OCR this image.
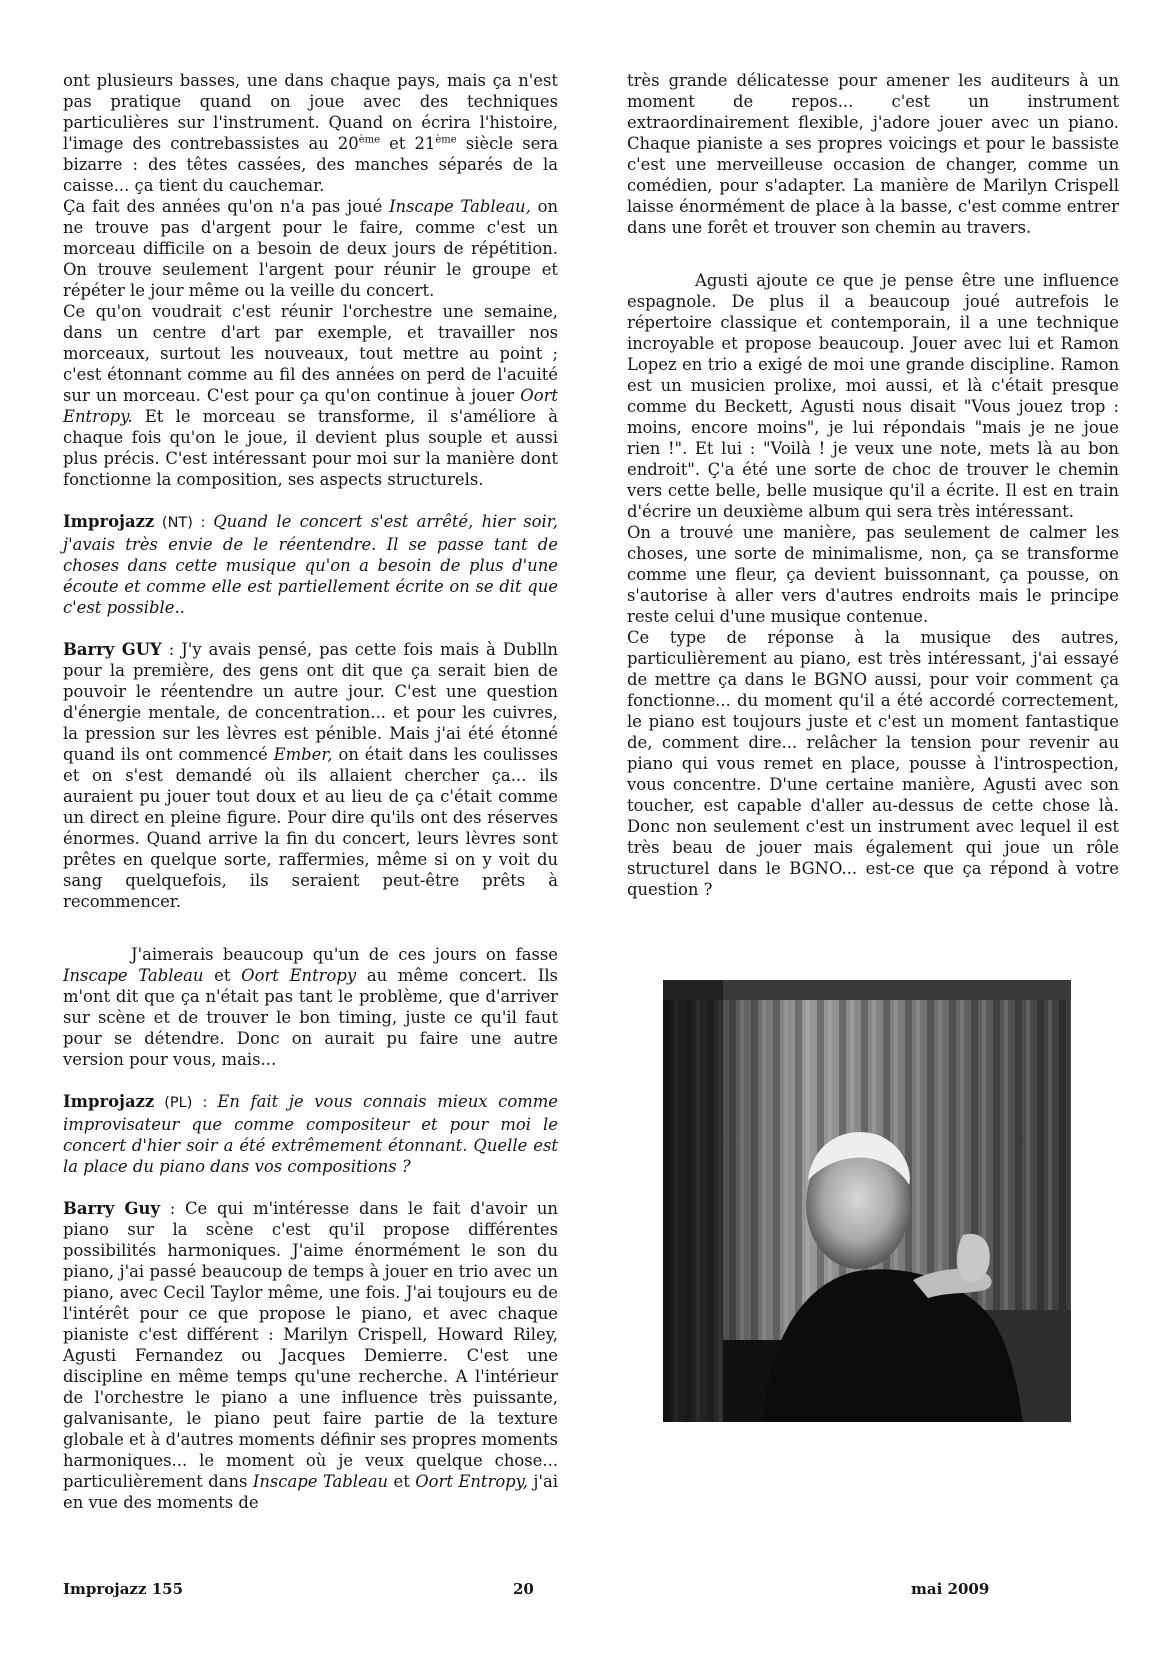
ont plusieurs basses, une dans chaque pays, mais ça n'est pas pratique quand on joue avec des techniques particulières sur l'instrument. Quand on écrira l'histoire, l'image des contrebassistes au 20ème et 21ème siècle sera bizarre : des têtes cassées, des manches séparés de la caisse... ça tient du cauchemar.

Ça fait des années qu'on n'a pas joué Inscape Tableau, on ne trouve pas d'argent pour le faire, comme c'est un morceau difficile on a besoin de deux jours de répétition. On trouve seulement l'argent pour réunir le groupe et répéter le jour même ou la veille du concert.

Ce qu'on voudrait c'est réunir l'orchestre une semaine, dans un centre d'art par exemple, et travailler nos morceaux, surtout les nouveaux, tout mettre au point ; c'est étonnant comme au fil des années on perd de l'acuité sur un morceau. C'est pour ça qu'on continue à jouer Oort Entropy. Et le morceau se transforme, il s'améliore à chaque fois qu'on le joue, il devient plus souple et aussi plus précis. C'est intéressant pour moi sur la manière dont fonctionne la composition, ses aspects structurels.

Improjazz (NT) : Quand le concert s'est arrêté, hier soir, j'avais très envie de le réentendre. Il se passe tant de choses dans cette musique qu'on a besoin de plus d'une écoute et comme elle est partiellement écrite on se dit que c'est possible..

Barry GUY : J'y avais pensé, pas cette fois mais à Dublln pour la première, des gens ont dit que ça serait bien de pouvoir le réentendre un autre jour. C'est une question d'énergie mentale, de concentration... et pour les cuivres, la pression sur les lèvres est pénible. Mais j'ai été étonné quand ils ont commencé Ember, on était dans les coulisses et on s'est demandé où ils allaient chercher ça... ils auraient pu jouer tout doux et au lieu de ça c'était comme un direct en pleine figure. Pour dire qu'ils ont des réserves énormes. Quand arrive la fin du concert, leurs lèvres sont prêtes en quelque sorte, raffermies, même si on y voit du sang quelquefois, ils seraient peut-être prêts à recommencer.

J'aimerais beaucoup qu'un de ces jours on fasse Inscape Tableau et Oort Entropy au même concert. Ils m'ont dit que ça n'était pas tant le problème, que d'arriver sur scène et de trouver le bon timing, juste ce qu'il faut pour se détendre. Donc on aurait pu faire une autre version pour vous, mais...

Improjazz (PL) : En fait je vous connais mieux comme improvisateur que comme compositeur et pour moi le concert d'hier soir a été extrêmement étonnant. Quelle est la place du piano dans vos compositions ?

Barry Guy : Ce qui m'intéresse dans le fait d'avoir un piano sur la scène c'est qu'il propose différentes possibilités harmoniques. J'aime énormément le son du piano, j'ai passé beaucoup de temps à jouer en trio avec un piano, avec Cecil Taylor même, une fois. J'ai toujours eu de l'intérêt pour ce que propose le piano, et avec chaque pianiste c'est différent : Marilyn Crispell, Howard Riley, Agusti Fernandez ou Jacques Demierre. C'est une discipline en même temps qu'une recherche. A l'intérieur de l'orchestre le piano a une influence très puissante, galvanisante, le piano peut faire partie de la texture globale et à d'autres moments définir ses propres moments harmoniques... le moment où je veux quelque chose... particulièrement dans Inscape Tableau et Oort Entropy, j'ai en vue des moments de

très grande délicatesse pour amener les auditeurs à un moment de repos... c'est un instrument extraordinairement flexible, j'adore jouer avec un piano. Chaque pianiste a ses propres voicings et pour le bassiste c'est une merveilleuse occasion de changer, comme un comédien, pour s'adapter. La manière de Marilyn Crispell laisse énormément de place à la basse, c'est comme entrer dans une forêt et trouver son chemin au travers.

Agusti ajoute ce que je pense être une influence espagnole. De plus il a beaucoup joué autrefois le répertoire classique et contemporain, il a une technique incroyable et propose beaucoup. Jouer avec lui et Ramon Lopez en trio a exigé de moi une grande discipline. Ramon est un musicien prolixe, moi aussi, et là c'était presque comme du Beckett, Agusti nous disait "Vous jouez trop : moins, encore moins", je lui répondais "mais je ne joue rien !". Et lui : "Voilà ! je veux une note, mets là au bon endroit". Ç'a été une sorte de choc de trouver le chemin vers cette belle, belle musique qu'il a écrite. Il est en train d'écrire un deuxième album qui sera très intéressant.

On a trouvé une manière, pas seulement de calmer les choses, une sorte de minimalisme, non, ça se transforme comme une fleur, ça devient buissonnant, ça pousse, on s'autorise à aller vers d'autres endroits mais le principe reste celui d'une musique contenue.

Ce type de réponse à la musique des autres, particulièrement au piano, est très intéressant, j'ai essayé de mettre ça dans le BGNO aussi, pour voir comment ça fonctionne... du moment qu'il a été accordé correctement, le piano est toujours juste et c'est un moment fantastique de, comment dire... relâcher la tension pour revenir au piano qui vous remet en place, pousse à l'introspection, vous concentre. D'une certaine manière, Agusti avec son toucher, est capable d'aller au-dessus de cette chose là. Donc non seulement c'est un instrument avec lequel il est très beau de jouer mais également qui joue un rôle structurel dans le BGNO... est-ce que ça répond à votre question ?

Improjazz 155	20	mai 2009
